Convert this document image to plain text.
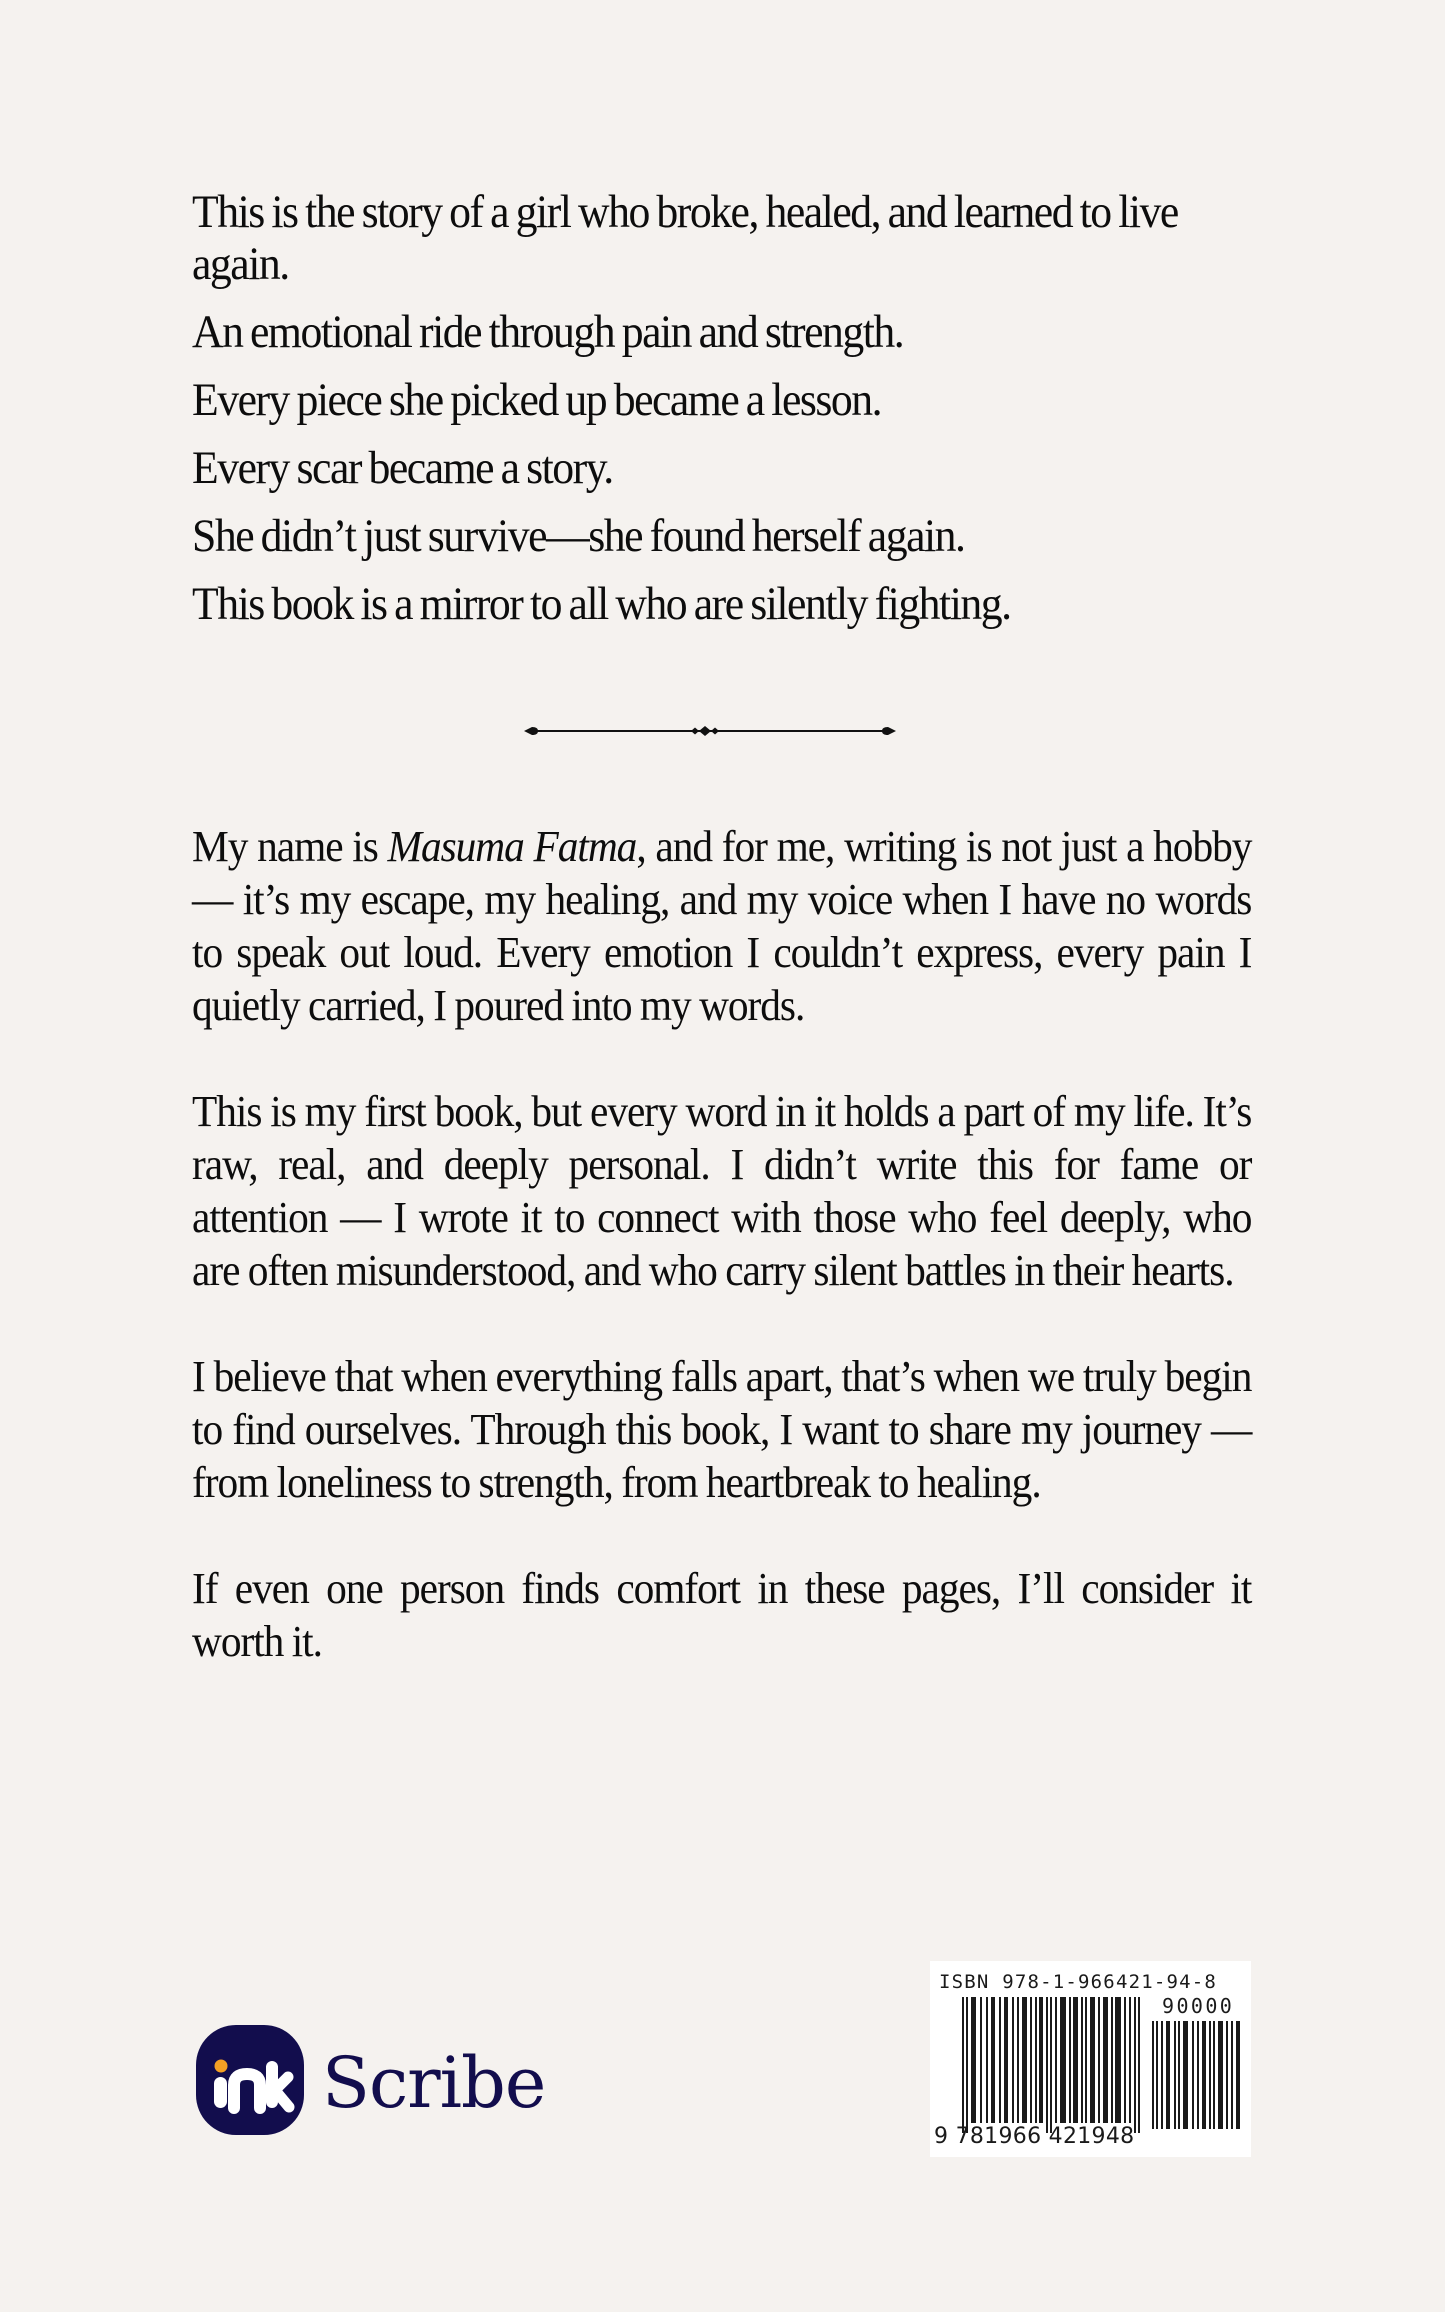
This is the story of a girl who broke, healed, and learned to live again.

An emotional ride through pain and strength.

Every piece she picked up became a lesson.

Every scar became a story.

She didn’t just survive—she found herself again.

This book is a mirror to all who are silently fighting.

My name is Masuma Fatma, and for me, writing is not just a hobby — it’s my escape, my healing, and my voice when I have no words to speak out loud. Every emotion I couldn’t express, every pain I quietly carried, I poured into my words.

This is my first book, but every word in it holds a part of my life. It’s raw, real, and deeply personal. I didn’t write this for fame or attention — I wrote it to connect with those who feel deeply, who are often misunderstood, and who carry silent battles in their hearts.

I believe that when everything falls apart, that’s when we truly begin to find ourselves. Through this book, I want to share my journey — from loneliness to strength, from heartbreak to healing.

If even one person finds comfort in these pages, I’ll consider it worth it.

Scribe
ISBN 978-1-966421-94-8
90000
9 781966 421948
